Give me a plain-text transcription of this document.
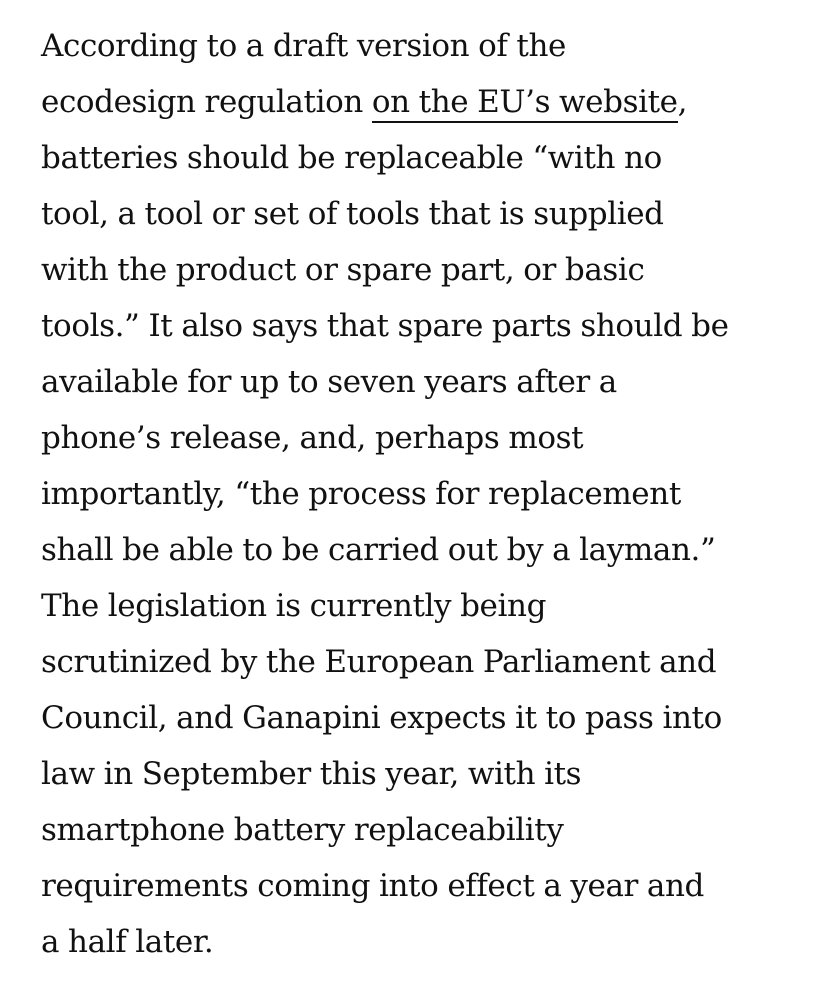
According to a draft version of the
ecodesign regulation on the EU’s website,
batteries should be replaceable “with no
tool, a tool or set of tools that is supplied
with the product or spare part, or basic
tools.” It also says that spare parts should be
available for up to seven years after a
phone’s release, and, perhaps most
importantly, “the process for replacement
shall be able to be carried out by a layman.”
The legislation is currently being
scrutinized by the European Parliament and
Council, and Ganapini expects it to pass into
law in September this year, with its
smartphone battery replaceability
requirements coming into effect a year and
a half later.
